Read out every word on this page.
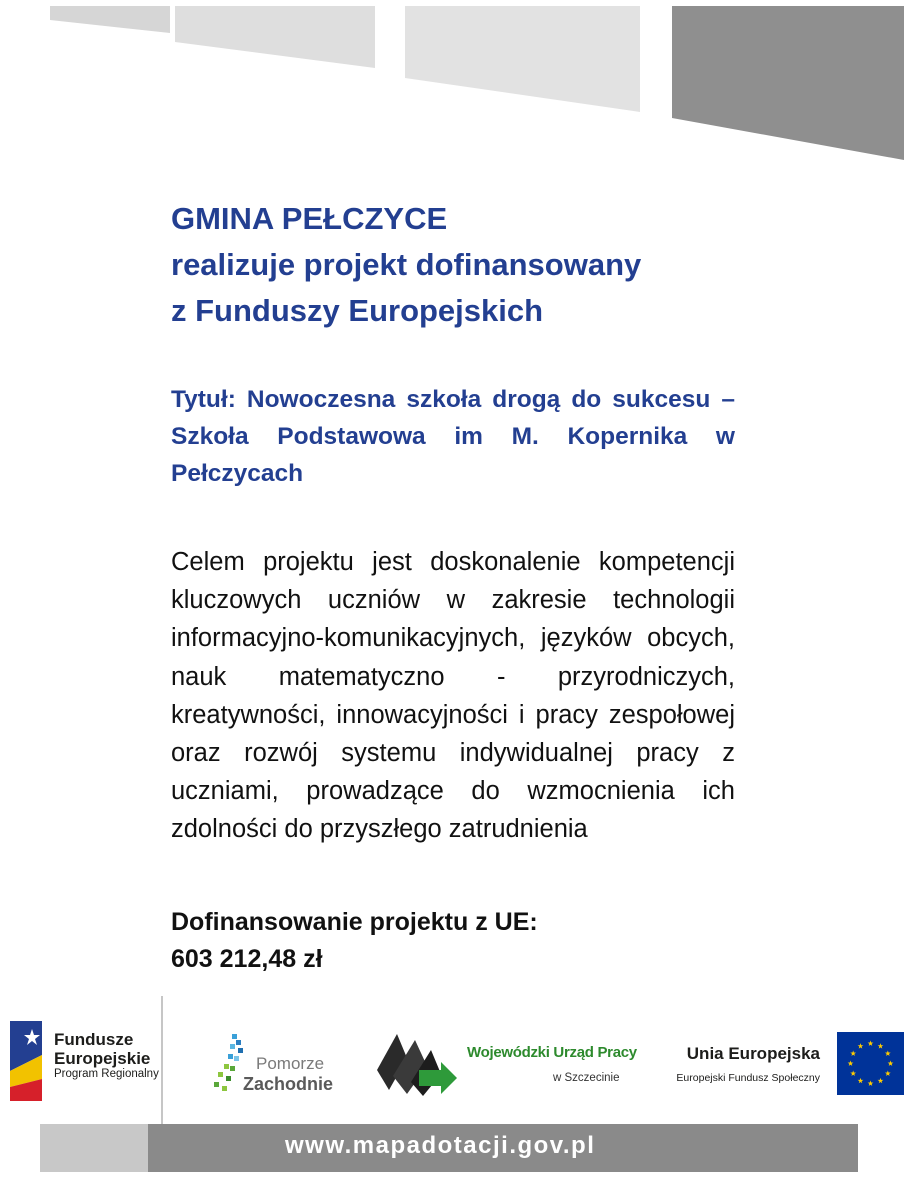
GMINA PEŁCZYCE
realizuje projekt dofinansowany
z Funduszy Europejskich
Tytuł: Nowoczesna szkoła drogą do sukcesu – Szkoła Podstawowa im M. Kopernika w Pełczycach
Celem projektu jest doskonalenie kompetencji kluczowych uczniów w zakresie technologii informacyjno-komunikacyjnych, języków obcych, nauk matematyczno - przyrodniczych, kreatywności, innowacyjności i pracy zespołowej oraz rozwój systemu indywidualnej pracy z uczniami, prowadzące do wzmocnienia ich zdolności do przyszłego zatrudnienia
Dofinansowanie projektu z UE:
603 212,48 zł
Fundusze
Europejskie
Program Regionalny
Pomorze
Zachodnie
Wojewódzki Urząd Pracy
w Szczecinie
Unia Europejska
Europejski Fundusz Społeczny
www.mapadotacji.gov.pl
